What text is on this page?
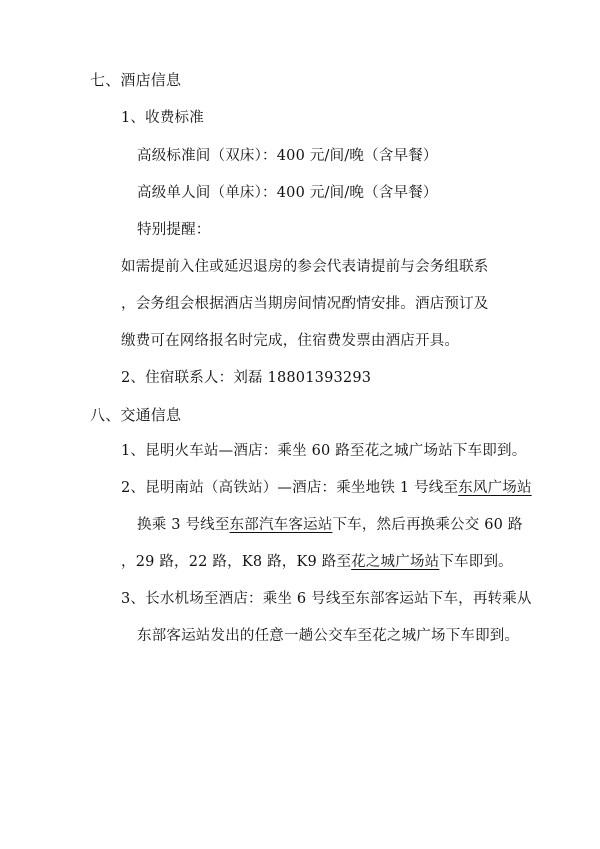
七、酒店信息
1、收费标准
高级标准间（双床）：400 元/间/晚（含早餐）
高级单人间（单床）：400 元/间/晚（含早餐）
特别提醒：
如需提前入住或延迟退房的参会代表请提前与会务组联系
，会务组会根据酒店当期房间情况酌情安排。酒店预订及
缴费可在网络报名时完成，住宿费发票由酒店开具。
2、住宿联系人：刘磊 18801393293
八、交通信息
1、昆明火车站—酒店：乘坐 60 路至花之城广场站下车即到。
2、昆明南站（高铁站）—酒店：乘坐地铁 1 号线至东风广场站
换乘 3 号线至东部汽车客运站下车，然后再换乘公交 60 路
，29 路，22 路，K8 路，K9 路至花之城广场站下车即到。
3、长水机场至酒店：乘坐 6 号线至东部客运站下车，再转乘从
东部客运站发出的任意一趟公交车至花之城广场下车即到。
